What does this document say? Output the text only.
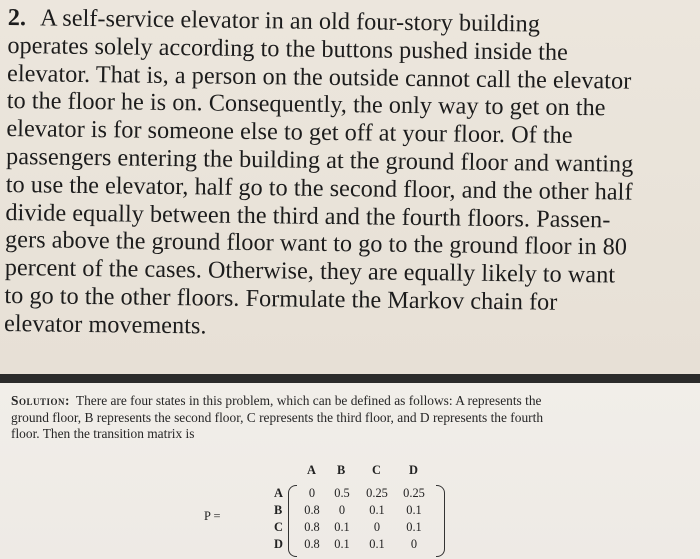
2. A self-service elevator in an old four-story building
operates solely according to the buttons pushed inside the
elevator. That is, a person on the outside cannot call the elevator
to the floor he is on. Consequently, the only way to get on the
elevator is for someone else to get off at your floor. Of the
passengers entering the building at the ground floor and wanting
to use the elevator, half go to the second floor, and the other half
divide equally between the third and the fourth floors. Passen-
gers above the ground floor want to go to the ground floor in 80
percent of the cases. Otherwise, they are equally likely to want
to go to the other floors. Formulate the Markov chain for
elevator movements.
Solution: There are four states in this problem, which can be defined as follows: A represents the
ground floor, B represents the second floor, C represents the third floor, and D represents the fourth
floor. Then the transition matrix is
P =
A B C D
A	0	0.5	0.25	0.25
B	0.8	0	0.1	0.1
C	0.8	0.1	0	0.1
D	0.8	0.1	0.1	0
